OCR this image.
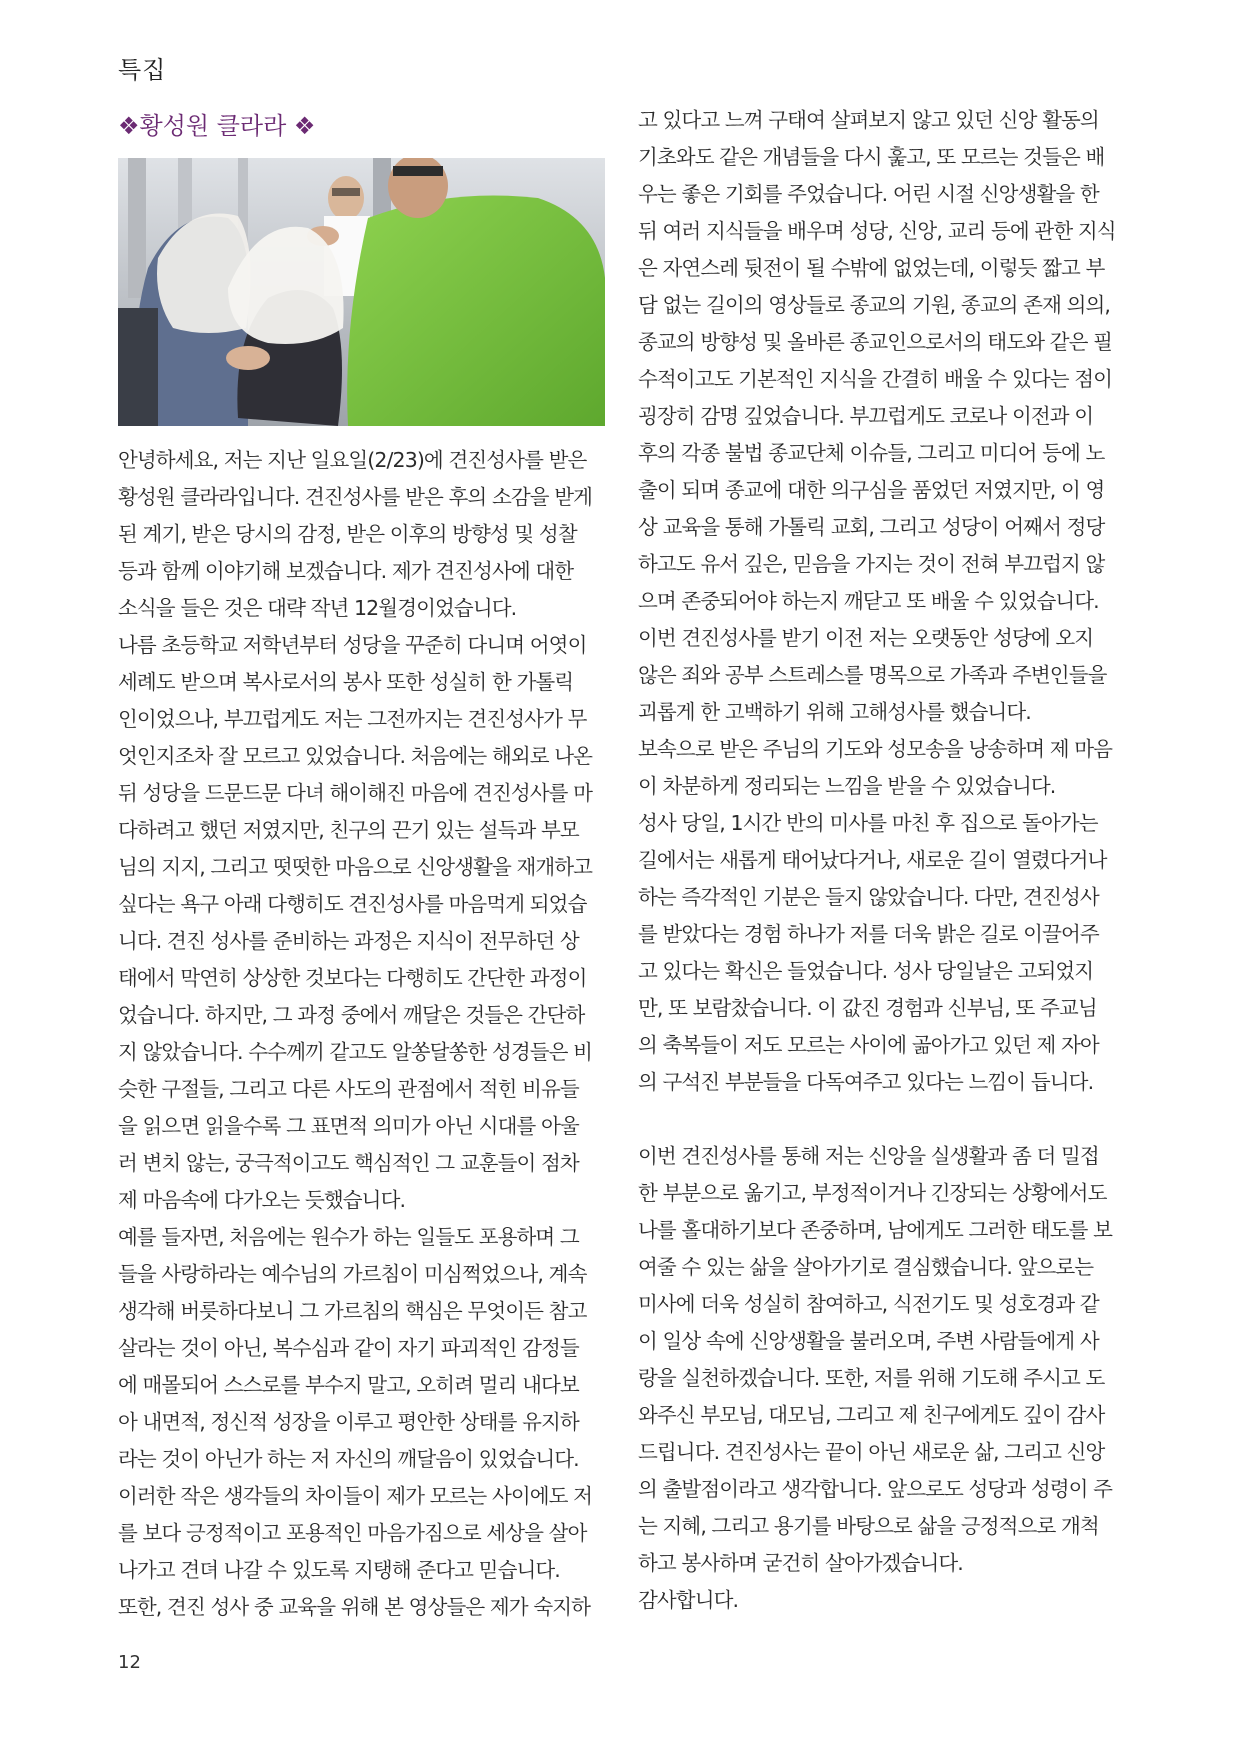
특집
❖황성원 클라라 ❖
안녕하세요, 저는 지난 일요일(2/23)에 견진성사를 받은
황성원 클라라입니다. 견진성사를 받은 후의 소감을 받게
된 계기, 받은 당시의 감정, 받은 이후의 방향성 및 성찰
등과 함께 이야기해 보겠습니다. 제가 견진성사에 대한
소식을 들은 것은 대략 작년 12월경이었습니다.
나름 초등학교 저학년부터 성당을 꾸준히 다니며 어엿이
세례도 받으며 복사로서의 봉사 또한 성실히 한 가톨릭
인이었으나, 부끄럽게도 저는 그전까지는 견진성사가 무
엇인지조차 잘 모르고 있었습니다. 처음에는 해외로 나온
뒤 성당을 드문드문 다녀 해이해진 마음에 견진성사를 마
다하려고 했던 저였지만, 친구의 끈기 있는 설득과 부모
님의 지지, 그리고 떳떳한 마음으로 신앙생활을 재개하고
싶다는 욕구 아래 다행히도 견진성사를 마음먹게 되었습
니다. 견진 성사를 준비하는 과정은 지식이 전무하던 상
태에서 막연히 상상한 것보다는 다행히도 간단한 과정이
었습니다. 하지만, 그 과정 중에서 깨달은 것들은 간단하
지 않았습니다. 수수께끼 같고도 알쏭달쏭한 성경들은 비
슷한 구절들, 그리고 다른 사도의 관점에서 적힌 비유들
을 읽으면 읽을수록 그 표면적 의미가 아닌 시대를 아울
러 변치 않는, 궁극적이고도 핵심적인 그 교훈들이 점차
제 마음속에 다가오는 듯했습니다.
예를 들자면, 처음에는 원수가 하는 일들도 포용하며 그
들을 사랑하라는 예수님의 가르침이 미심쩍었으나, 계속
생각해 버릇하다보니 그 가르침의 핵심은 무엇이든 참고
살라는 것이 아닌, 복수심과 같이 자기 파괴적인 감정들
에 매몰되어 스스로를 부수지 말고, 오히려 멀리 내다보
아 내면적, 정신적 성장을 이루고 평안한 상태를 유지하
라는 것이 아닌가 하는 저 자신의 깨달음이 있었습니다.
이러한 작은 생각들의 차이들이 제가 모르는 사이에도 저
를 보다 긍정적이고 포용적인 마음가짐으로 세상을 살아
나가고 견뎌 나갈 수 있도록 지탱해 준다고 믿습니다.
또한, 견진 성사 중 교육을 위해 본 영상들은 제가 숙지하
고 있다고 느껴 구태여 살펴보지 않고 있던 신앙 활동의
기초와도 같은 개념들을 다시 훑고, 또 모르는 것들은 배
우는 좋은 기회를 주었습니다. 어린 시절 신앙생활을 한
뒤 여러 지식들을 배우며 성당, 신앙, 교리 등에 관한 지식
은 자연스레 뒷전이 될 수밖에 없었는데, 이렇듯 짧고 부
담 없는 길이의 영상들로 종교의 기원, 종교의 존재 의의,
종교의 방향성 및 올바른 종교인으로서의 태도와 같은 필
수적이고도 기본적인 지식을 간결히 배울 수 있다는 점이
굉장히 감명 깊었습니다. 부끄럽게도 코로나 이전과 이
후의 각종 불법 종교단체 이슈들, 그리고 미디어 등에 노
출이 되며 종교에 대한 의구심을 품었던 저였지만, 이 영
상 교육을 통해 가톨릭 교회, 그리고 성당이 어째서 정당
하고도 유서 깊은, 믿음을 가지는 것이 전혀 부끄럽지 않
으며 존중되어야 하는지 깨닫고 또 배울 수 있었습니다.
이번 견진성사를 받기 이전 저는 오랫동안 성당에 오지
않은 죄와 공부 스트레스를 명목으로 가족과 주변인들을
괴롭게 한 고백하기 위해 고해성사를 했습니다.
보속으로 받은 주님의 기도와 성모송을 낭송하며 제 마음
이 차분하게 정리되는 느낌을 받을 수 있었습니다.
성사 당일, 1시간 반의 미사를 마친 후 집으로 돌아가는
길에서는 새롭게 태어났다거나, 새로운 길이 열렸다거나
하는 즉각적인 기분은 들지 않았습니다. 다만, 견진성사
를 받았다는 경험 하나가 저를 더욱 밝은 길로 이끌어주
고 있다는 확신은 들었습니다. 성사 당일날은 고되었지
만, 또 보람찼습니다. 이 값진 경험과 신부님, 또 주교님
의 축복들이 저도 모르는 사이에 곪아가고 있던 제 자아
의 구석진 부분들을 다독여주고 있다는 느낌이 듭니다.
이번 견진성사를 통해 저는 신앙을 실생활과 좀 더 밀접
한 부분으로 옮기고, 부정적이거나 긴장되는 상황에서도
나를 홀대하기보다 존중하며, 남에게도 그러한 태도를 보
여줄 수 있는 삶을 살아가기로 결심했습니다. 앞으로는
미사에 더욱 성실히 참여하고, 식전기도 및 성호경과 같
이 일상 속에 신앙생활을 불러오며, 주변 사람들에게 사
랑을 실천하겠습니다. 또한, 저를 위해 기도해 주시고 도
와주신 부모님, 대모님, 그리고 제 친구에게도 깊이 감사
드립니다. 견진성사는 끝이 아닌 새로운 삶, 그리고 신앙
의 출발점이라고 생각합니다. 앞으로도 성당과 성령이 주
는 지혜, 그리고 용기를 바탕으로 삶을 긍정적으로 개척
하고 봉사하며 굳건히 살아가겠습니다.
감사합니다.
12
